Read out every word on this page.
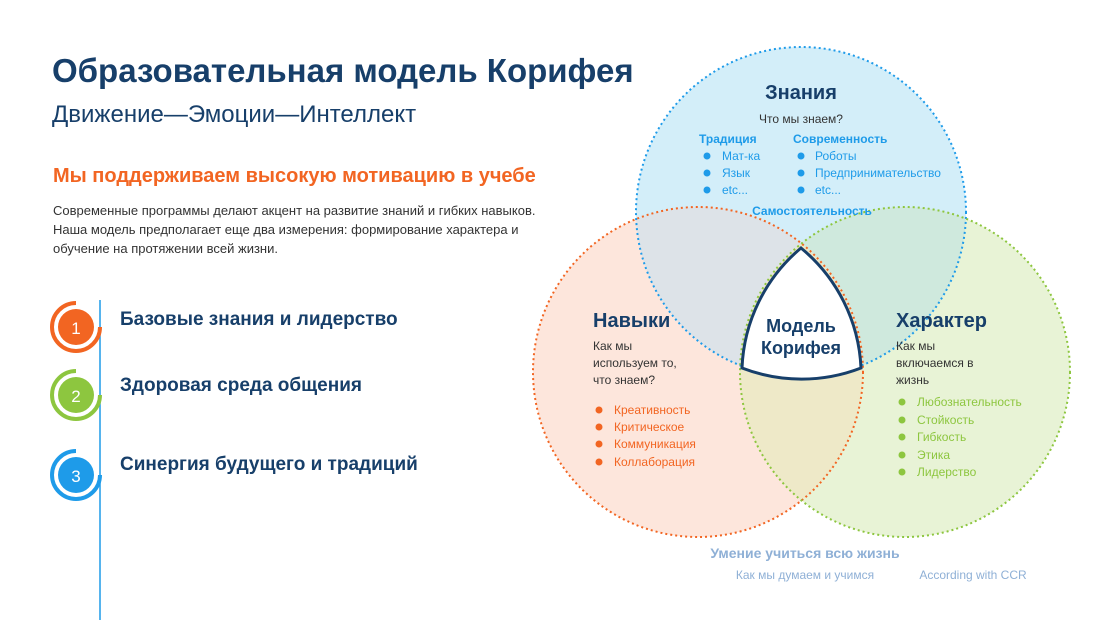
Образовательная модель Корифея
Движение—Эмоции—Интеллект
Мы поддерживаем высокую мотивацию в учебе
Современные программы делают акцент на развитие знаний и гибких навыков.
Наша модель предполагает еще два измерения: формирование характера и
обучение на протяжении всей жизни.
1
2
3
Базовые знания и лидерство
Здоровая среда общения
Синергия будущего и традиций
Модель
Корифея
Знания
Что мы знаем?
Традиция	Современность
Мат-ка
Язык
etc...
Роботы
Предпринимательство
etc...
Самостоятельность
Навыки
Как мы
используем то,
что знаем?
Креативность
Критическое
Коммуникация
Коллаборация
Характер
Как мы
включаемся в
жизнь
Любознательность
Стойкость
Гибкость
Этика
Лидерство
Умение учиться всю жизнь
Как мы думаем и учимся	According with CCR
